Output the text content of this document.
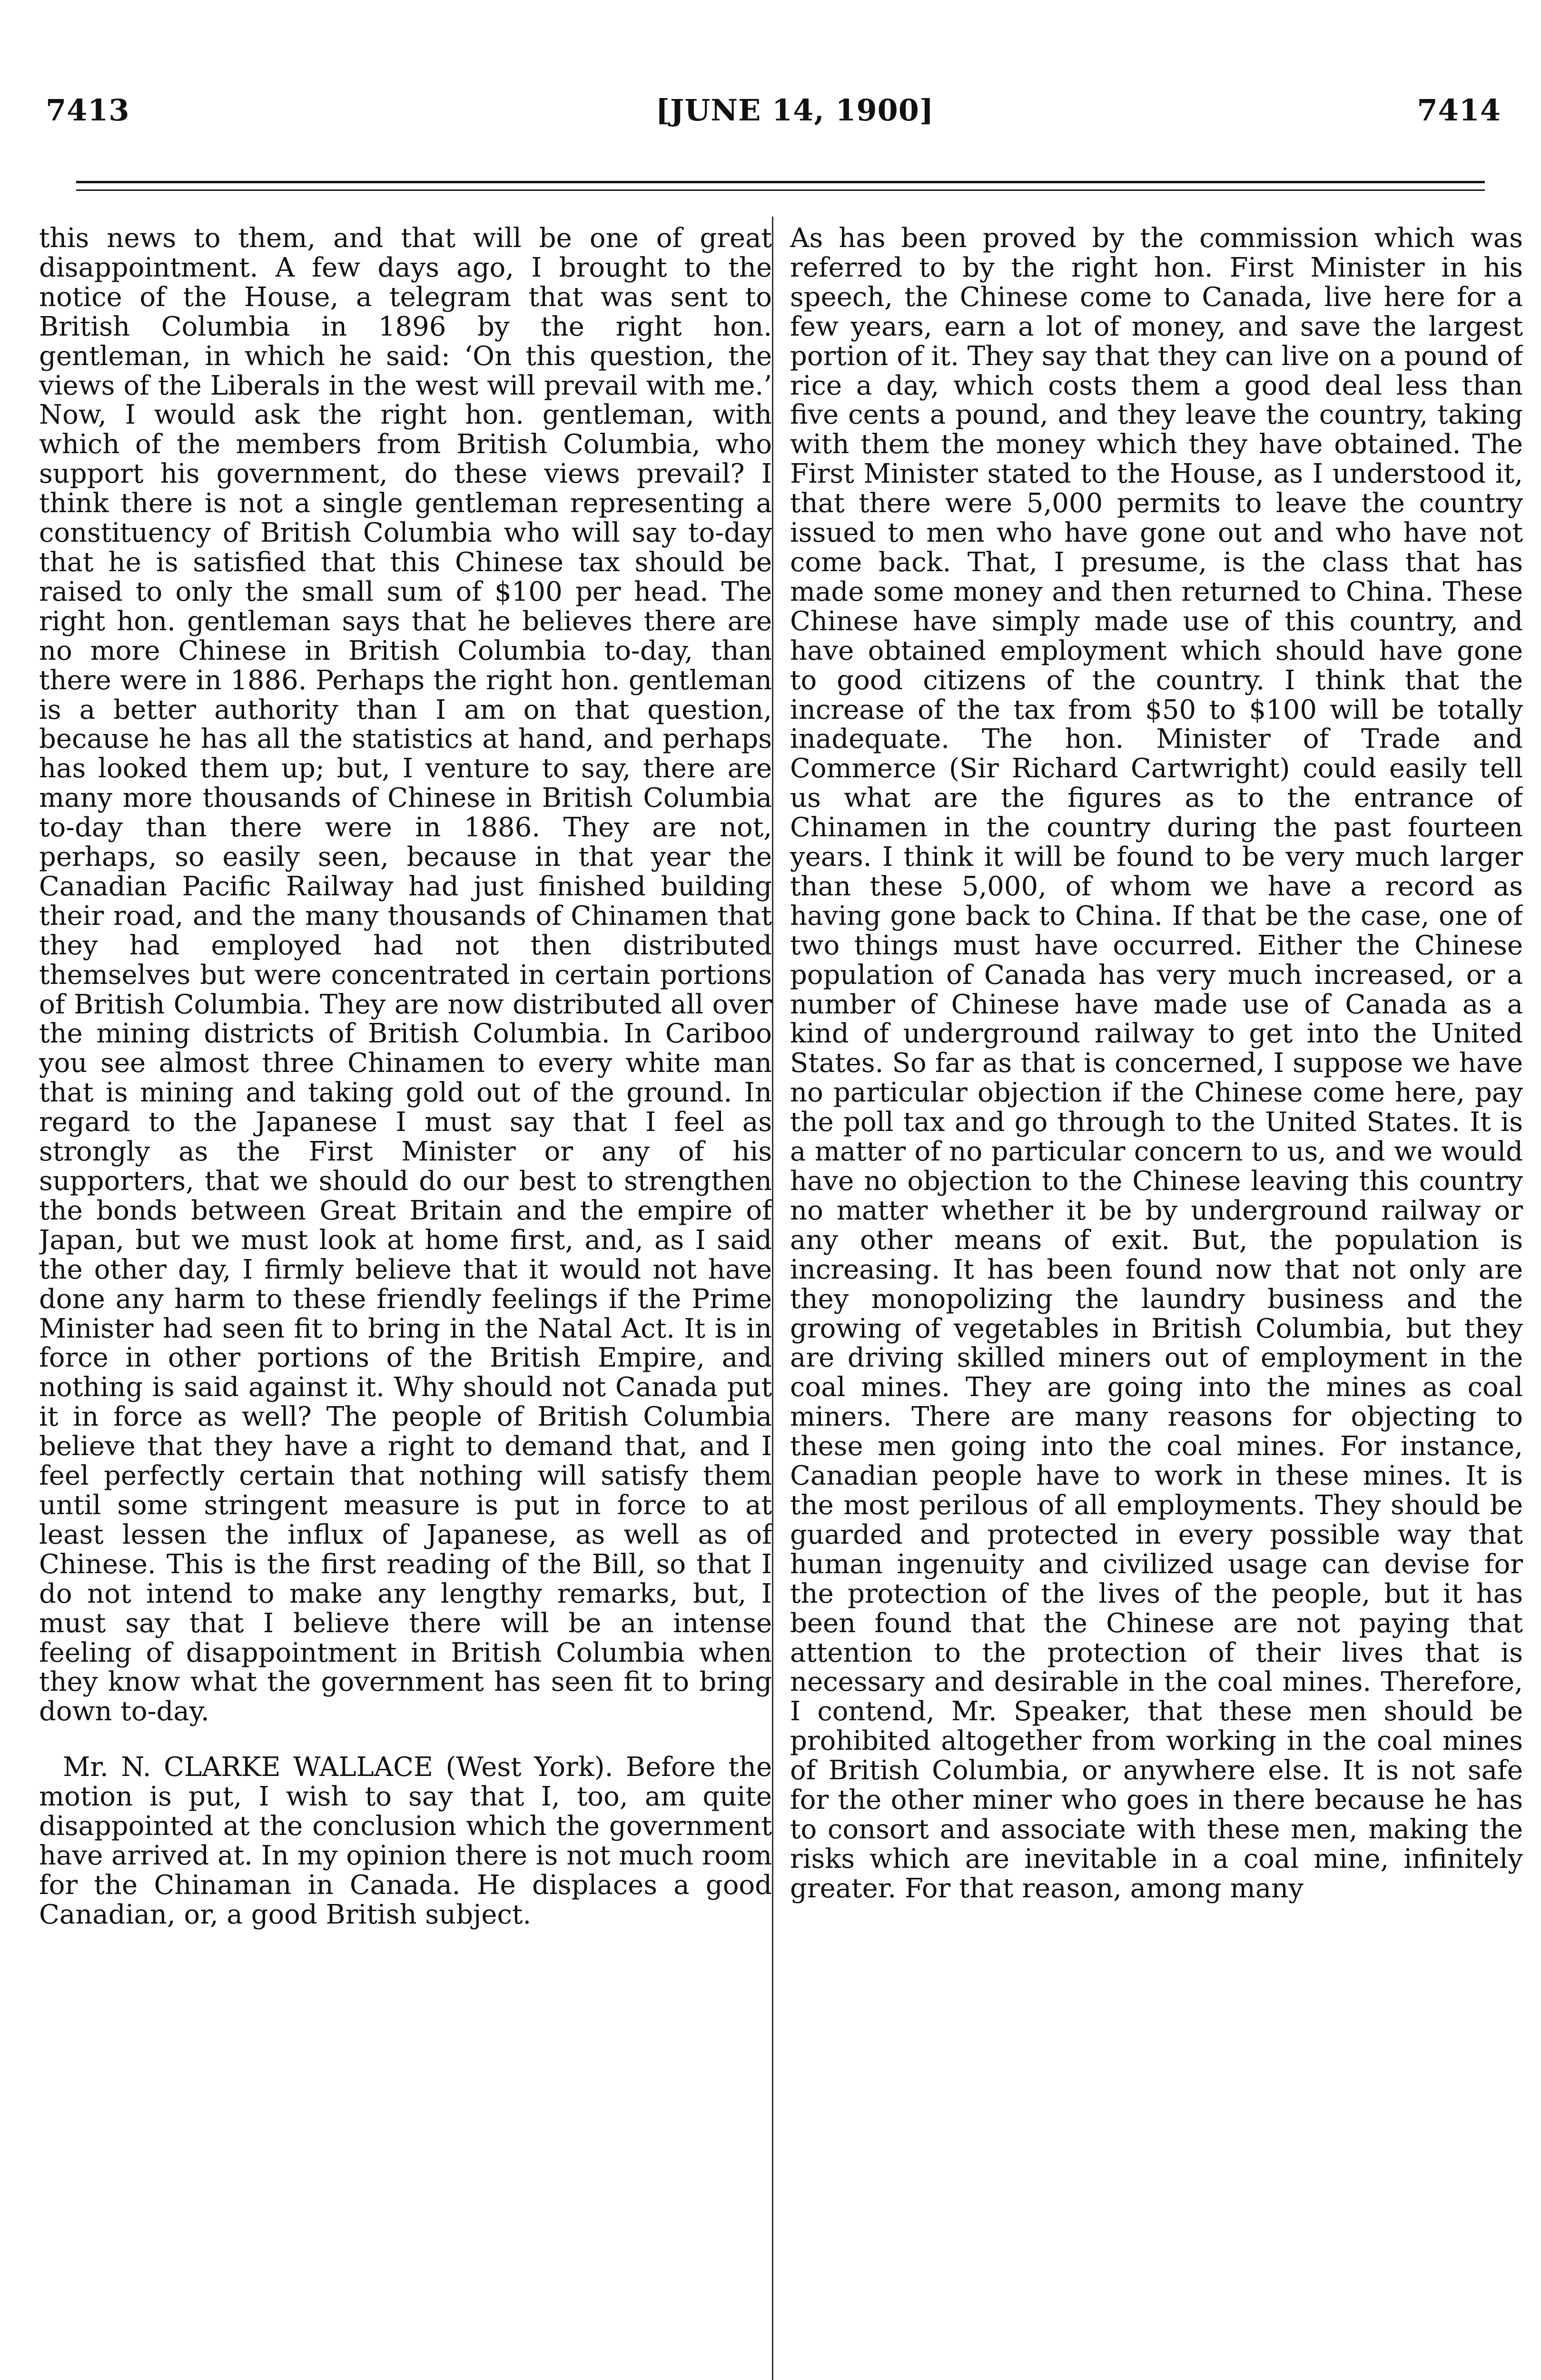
7413	[JUNE 14, 1900]	7414

this news to them, and that will be one of great disappointment. A few days ago, I brought to the notice of the House, a telegram that was sent to British Columbia in 1896 by the right hon. gentleman, in which he said: ‘On this question, the views of the Liberals in the west will prevail with me.’ Now, I would ask the right hon. gentleman, with which of the members from British Columbia, who support his government, do these views prevail? I think there is not a single gentleman representing a constituency of British Columbia who will say to-day that he is satisfied that this Chinese tax should be raised to only the small sum of $100 per head. The right hon. gentleman says that he believes there are no more Chinese in British Columbia to-day, than there were in 1886. Perhaps the right hon. gentleman is a better authority than I am on that question, because he has all the statistics at hand, and perhaps has looked them up; but, I venture to say, there are many more thousands of Chinese in British Columbia to-day than there were in 1886. They are not, perhaps, so easily seen, because in that year the Canadian Pacific Railway had just finished building their road, and the many thousands of Chinamen that they had employed had not then distributed themselves but were concentrated in certain portions of British Columbia. They are now distributed all over the mining districts of British Columbia. In Cariboo you see almost three Chinamen to every white man that is mining and taking gold out of the ground. In regard to the Japanese I must say that I feel as strongly as the First Minister or any of his supporters, that we should do our best to strengthen the bonds between Great Britain and the empire of Japan, but we must look at home first, and, as I said the other day, I firmly believe that it would not have done any harm to these friendly feelings if the Prime Minister had seen fit to bring in the Natal Act. It is in force in other portions of the British Empire, and nothing is said against it. Why should not Canada put it in force as well? The people of British Columbia believe that they have a right to demand that, and I feel perfectly certain that nothing will satisfy them until some stringent measure is put in force to at least lessen the influx of Japanese, as well as of Chinese. This is the first reading of the Bill, so that I do not intend to make any lengthy remarks, but, I must say that I believe there will be an intense feeling of disappointment in British Columbia when they know what the government has seen fit to bring down to-day.

Mr. N. CLARKE WALLACE (West York). Before the motion is put, I wish to say that I, too, am quite disappointed at the conclusion which the government have arrived at. In my opinion there is not much room for the Chinaman in Canada. He displaces a good Canadian, or, a good British subject.

As has been proved by the commission which was referred to by the right hon. First Minister in his speech, the Chinese come to Canada, live here for a few years, earn a lot of money, and save the largest portion of it. They say that they can live on a pound of rice a day, which costs them a good deal less than five cents a pound, and they leave the country, taking with them the money which they have obtained. The First Minister stated to the House, as I understood it, that there were 5,000 permits to leave the country issued to men who have gone out and who have not come back. That, I presume, is the class that has made some money and then returned to China. These Chinese have simply made use of this country, and have obtained employment which should have gone to good citizens of the country. I think that the increase of the tax from $50 to $100 will be totally inadequate. The hon. Minister of Trade and Commerce (Sir Richard Cartwright) could easily tell us what are the figures as to the entrance of Chinamen in the country during the past fourteen years. I think it will be found to be very much larger than these 5,000, of whom we have a record as having gone back to China. If that be the case, one of two things must have occurred. Either the Chinese population of Canada has very much increased, or a number of Chinese have made use of Canada as a kind of underground railway to get into the United States. So far as that is concerned, I suppose we have no particular objection if the Chinese come here, pay the poll tax and go through to the United States. It is a matter of no particular concern to us, and we would have no objection to the Chinese leaving this country no matter whether it be by underground railway or any other means of exit. But, the population is increasing. It has been found now that not only are they monopolizing the laundry business and the growing of vegetables in British Columbia, but they are driving skilled miners out of employment in the coal mines. They are going into the mines as coal miners. There are many reasons for objecting to these men going into the coal mines. For instance, Canadian people have to work in these mines. It is the most perilous of all employments. They should be guarded and protected in every possible way that human ingenuity and civilized usage can devise for the protection of the lives of the people, but it has been found that the Chinese are not paying that attention to the protection of their lives that is necessary and desirable in the coal mines. Therefore, I contend, Mr. Speaker, that these men should be prohibited altogether from working in the coal mines of British Columbia, or anywhere else. It is not safe for the other miner who goes in there because he has to consort and associate with these men, making the risks which are inevitable in a coal mine, infinitely greater. For that reason, among many
